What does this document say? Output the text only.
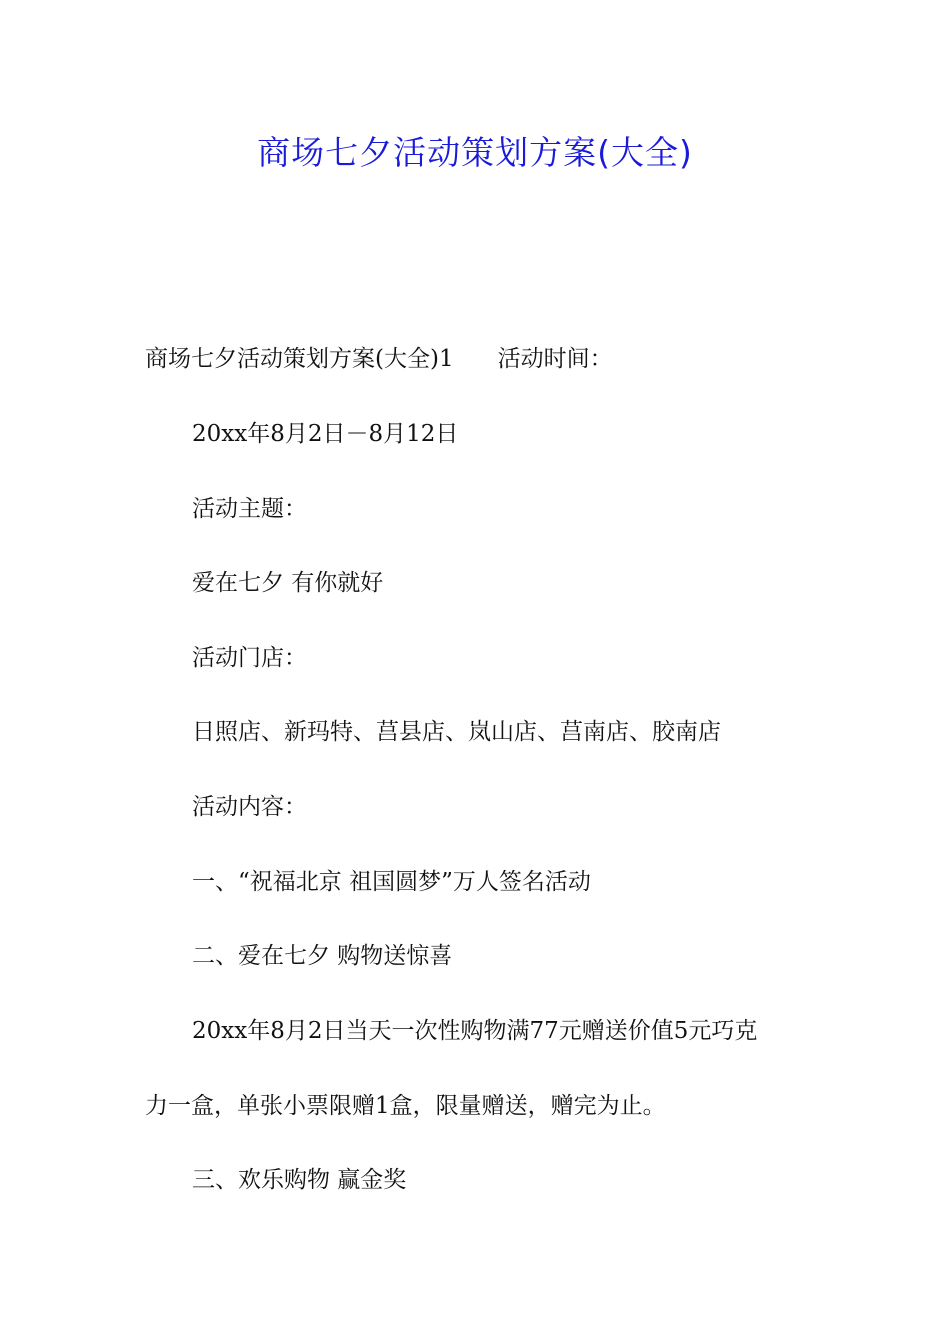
商场七夕活动策划方案(大全)
商场七夕活动策划方案(大全)1 活动时间：
20xx年8月2日－8月12日
活动主题：
爱在七夕 有你就好
活动门店：
日照店、新玛特、莒县店、岚山店、莒南店、胶南店
活动内容：
一、“祝福北京 祖国圆梦”万人签名活动
二、爱在七夕 购物送惊喜
20xx年8月2日当天一次性购物满77元赠送价值5元巧克
力一盒，单张小票限赠1盒，限量赠送，赠完为止。
三、欢乐购物 赢金奖
